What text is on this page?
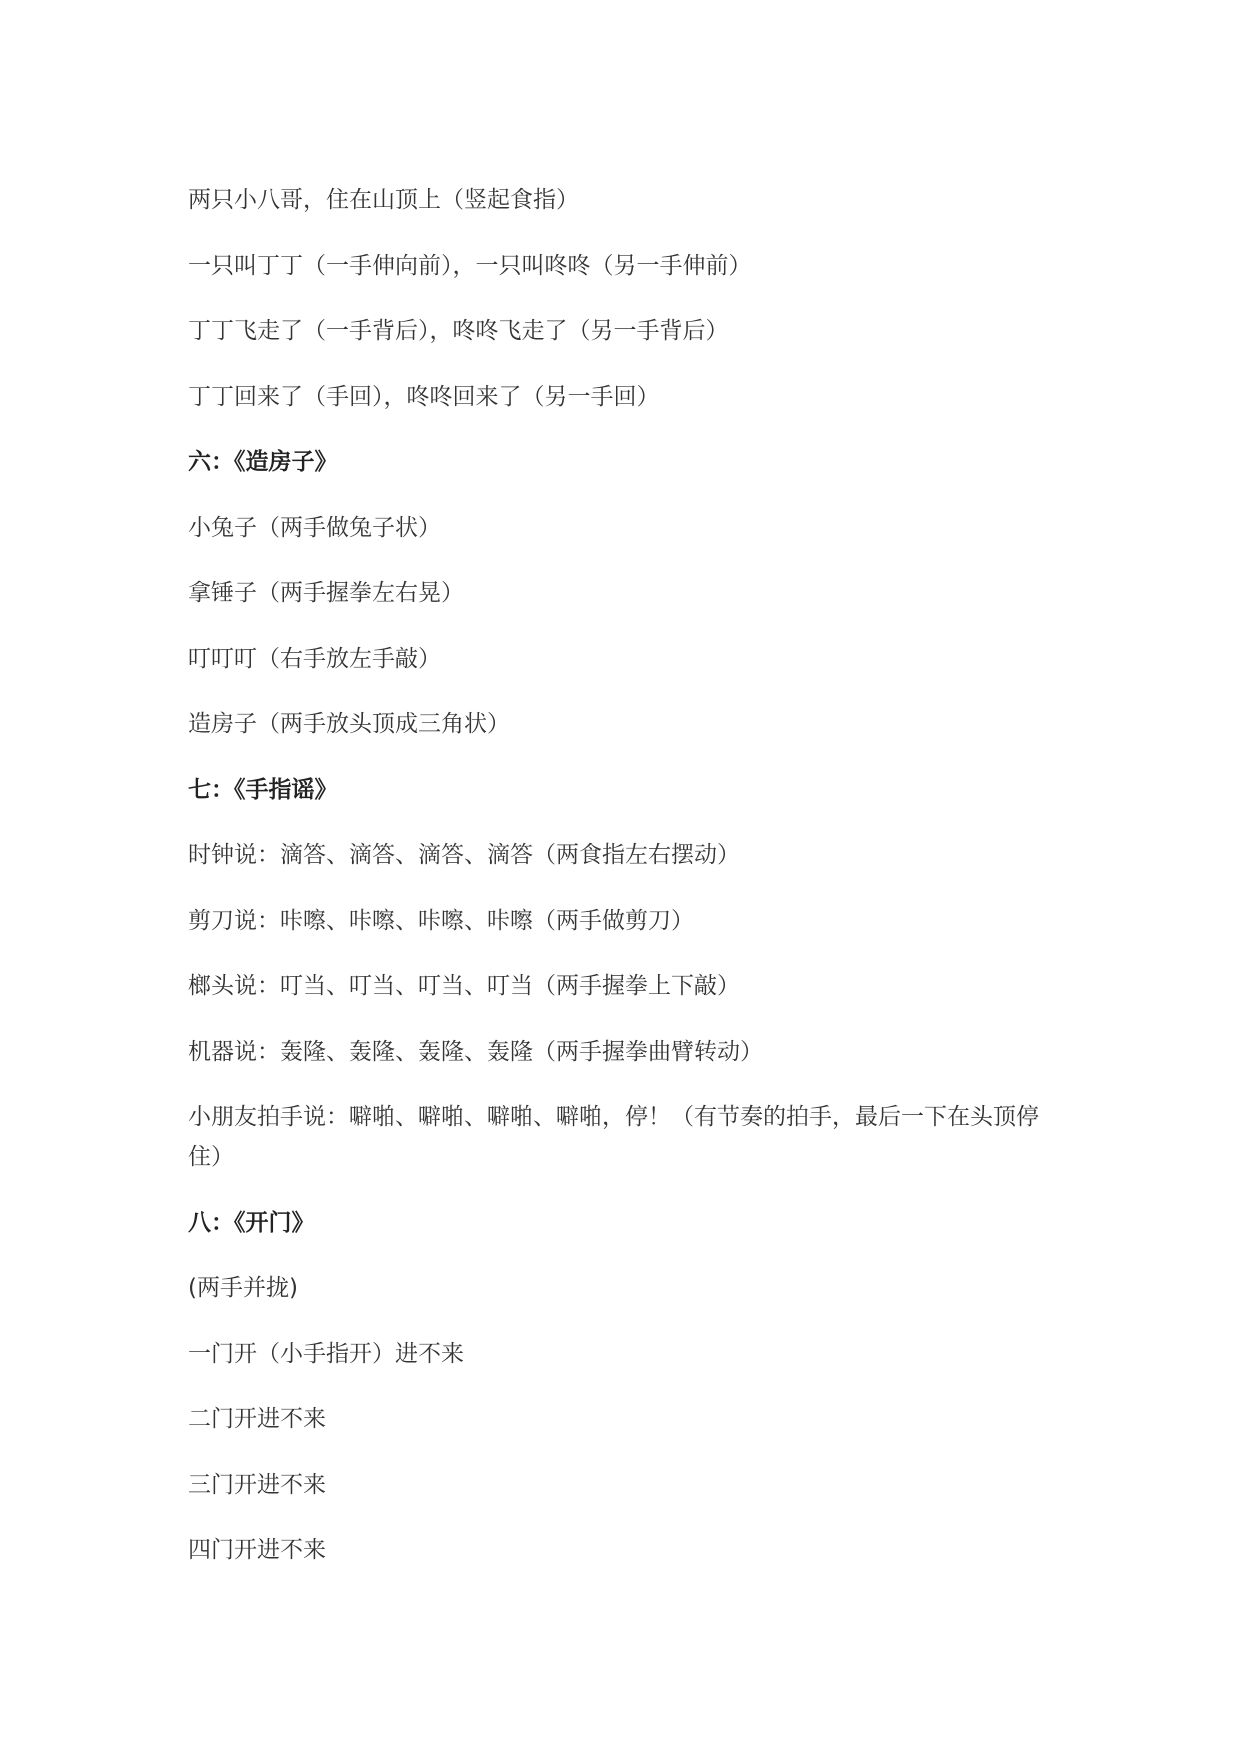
两只小八哥，住在山顶上（竖起食指）

一只叫丁丁（一手伸向前），一只叫咚咚（另一手伸前）

丁丁飞走了（一手背后），咚咚飞走了（另一手背后）

丁丁回来了（手回），咚咚回来了（另一手回）

六：《造房子》

小兔子（两手做兔子状）

拿锤子（两手握拳左右晃）

叮叮叮（右手放左手敲）

造房子（两手放头顶成三角状）

七：《手指谣》

时钟说：滴答、滴答、滴答、滴答（两食指左右摆动）

剪刀说：咔嚓、咔嚓、咔嚓、咔嚓（两手做剪刀）

榔头说：叮当、叮当、叮当、叮当（两手握拳上下敲）

机器说：轰隆、轰隆、轰隆、轰隆（两手握拳曲臂转动）

小朋友拍手说：噼啪、噼啪、噼啪、噼啪，停！（有节奏的拍手，最后一下在头顶停住）

八：《开门》

(两手并拢)

一门开（小手指开）进不来

二门开进不来

三门开进不来

四门开进不来
